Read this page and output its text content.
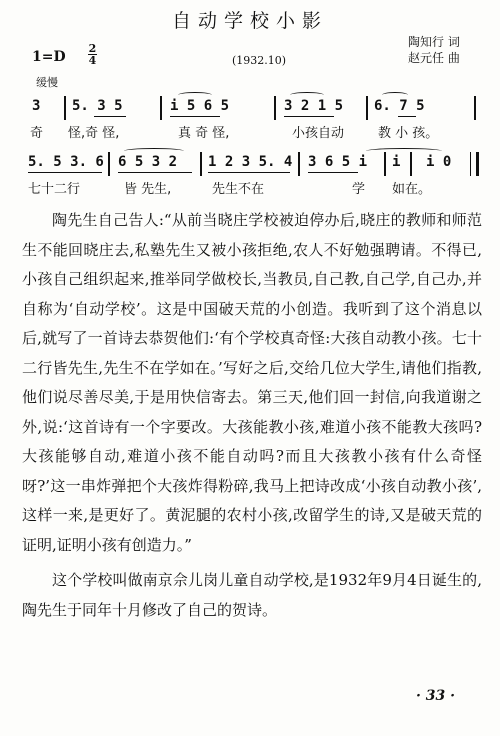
自动学校小影
陶知行 词
赵元任 曲
1=D
2
4	(1932.10)
缓慢
3 5. 3 5	i 5 6 5	3 2 1 5 6. 7 5
奇 怪,奇 怪,	真 奇 怪,	小孩自动	教 小 孩。
5. 5 3. 6 6 5 3 2 1 2 3 5. 4 3 6 5 i i i 0
七十二行	皆 先生,	先生不在	学 如在。

陶先生自己告人:“从前当晓庄学校被迫停办后,晓庄的教师和师范生不能回晓庄去,私塾先生又被小孩拒绝,农人不好勉强聘请。不得已,小孩自己组织起来,推举同学做校长,当教员,自己教,自己学,自己办,并自称为‘自动学校’。这是中国破天荒的小创造。我听到了这个消息以后,就写了一首诗去恭贺他们:‘有个学校真奇怪:大孩自动教小孩。七十二行皆先生,先生不在学如在。’写好之后,交给几位大学生,请他们指教,他们说尽善尽美,于是用快信寄去。第三天,他们回一封信,向我道谢之外,说:‘这首诗有一个字要改。大孩能教小孩,难道小孩不能教大孩吗?大孩能够自动,难道小孩不能自动吗?而且大孩教小孩有什么奇怪呀?’这一串炸弹把个大孩炸得粉碎,我马上把诗改成‘小孩自动教小孩’,这样一来,是更好了。黄泥腿的农村小孩,改留学生的诗,又是破天荒的证明,证明小孩有创造力。”

这个学校叫做南京佘儿岗儿童自动学校,是1932年9月4日诞生的,陶先生于同年十月修改了自己的贺诗。

· 33 ·
